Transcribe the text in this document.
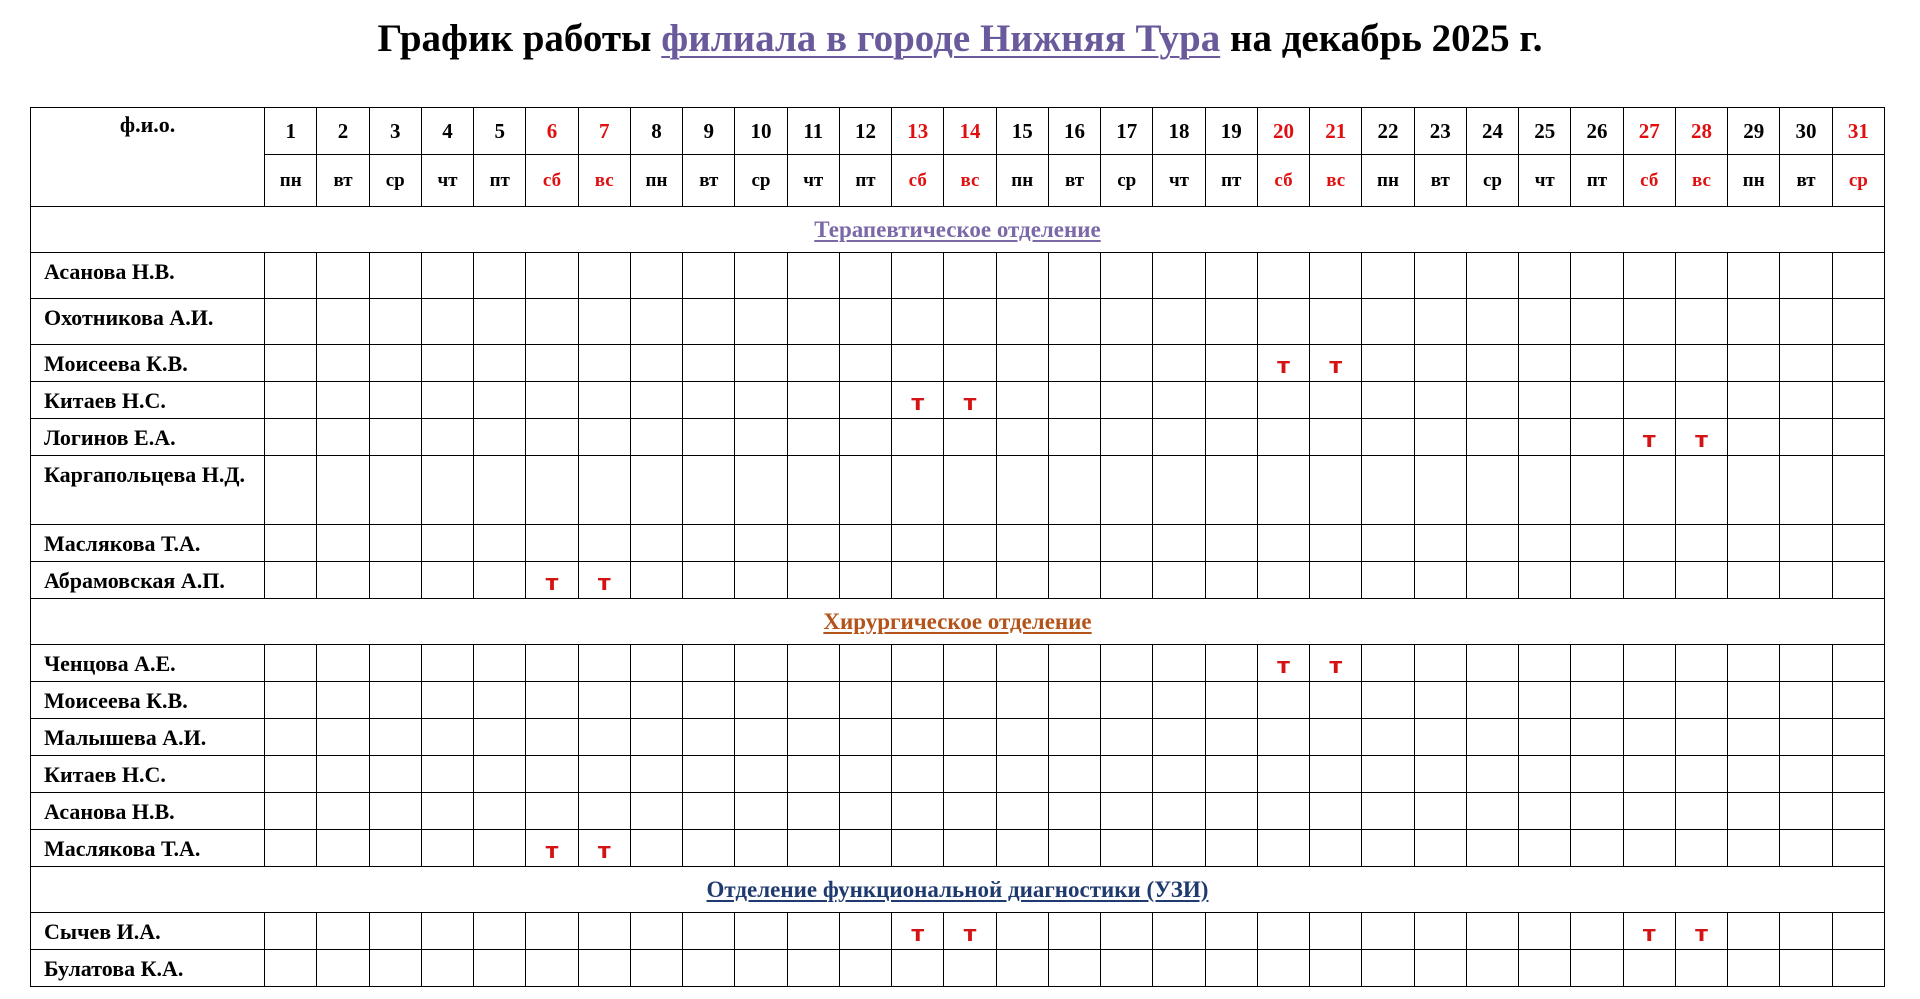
График работы филиала в городе Нижняя Тура на декабрь 2025 г.
ф.и.о.	1	2	3	4	5	6	7	8	9	10	11	12	13	14	15	16	17	18	19	20	21	22	23	24	25	26	27	28	29	30	31
	пн	вт	ср	чт	пт	сб	вс	пн	вт	ср	чт	пт	сб	вс	пн	вт	ср	чт	пт	сб	вс	пн	вт	ср	чт	пт	сб	вс	пн	вт	ср
Терапевтическое отделение																															
Асанова Н.В.																															
Охотникова А.И.																															
Моисеева К.В.																				т	т										
Китаев Н.С.													т	т																	
Логинов Е.А.																											т	т			
Каргапольцева Н.Д.																															
Маслякова Т.А.																															
Абрамовская А.П.						т	т																								
Хирургическое отделение																															
Ченцова А.Е.																				т	т										
Моисеева К.В.																															
Малышева А.И.																															
Китаев Н.С.																															
Асанова Н.В.																															
Маслякова Т.А.						т	т																								
Отделение функциональной диагностики (УЗИ)																															
Сычев И.А.													т	т													т	т			
Булатова К.А.																															
